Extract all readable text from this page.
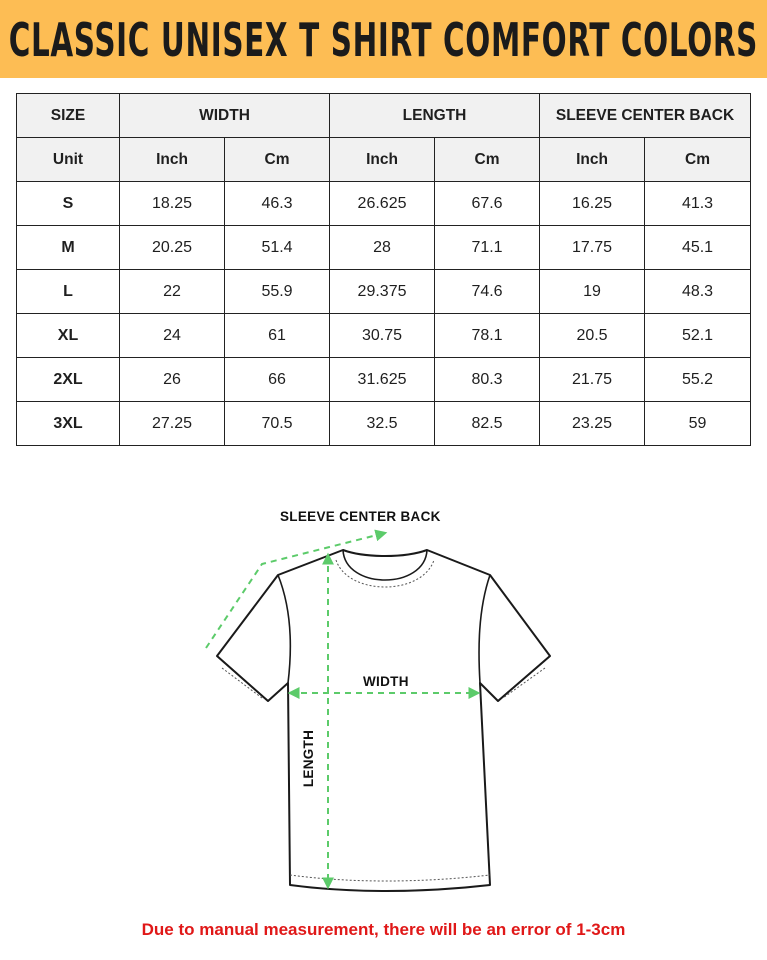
CLASSIC UNISEX T SHIRT COMFORT COLORS
SIZE	WIDTH		LENGTH		SLEEVE CENTER BACK	
Unit	Inch	Cm	Inch	Cm	Inch	Cm
S	18.25	46.3	26.625	67.6	16.25	41.3
M	20.25	51.4	28	71.1	17.75	45.1
L	22	55.9	29.375	74.6	19	48.3
XL	24	61	30.75	78.1	20.5	52.1
2XL	26	66	31.625	80.3	21.75	55.2
3XL	27.25	70.5	32.5	82.5	23.25	59
SLEEVE CENTER BACK
WIDTH
LENGTH
Due to manual measurement, there will be an error of 1-3cm
